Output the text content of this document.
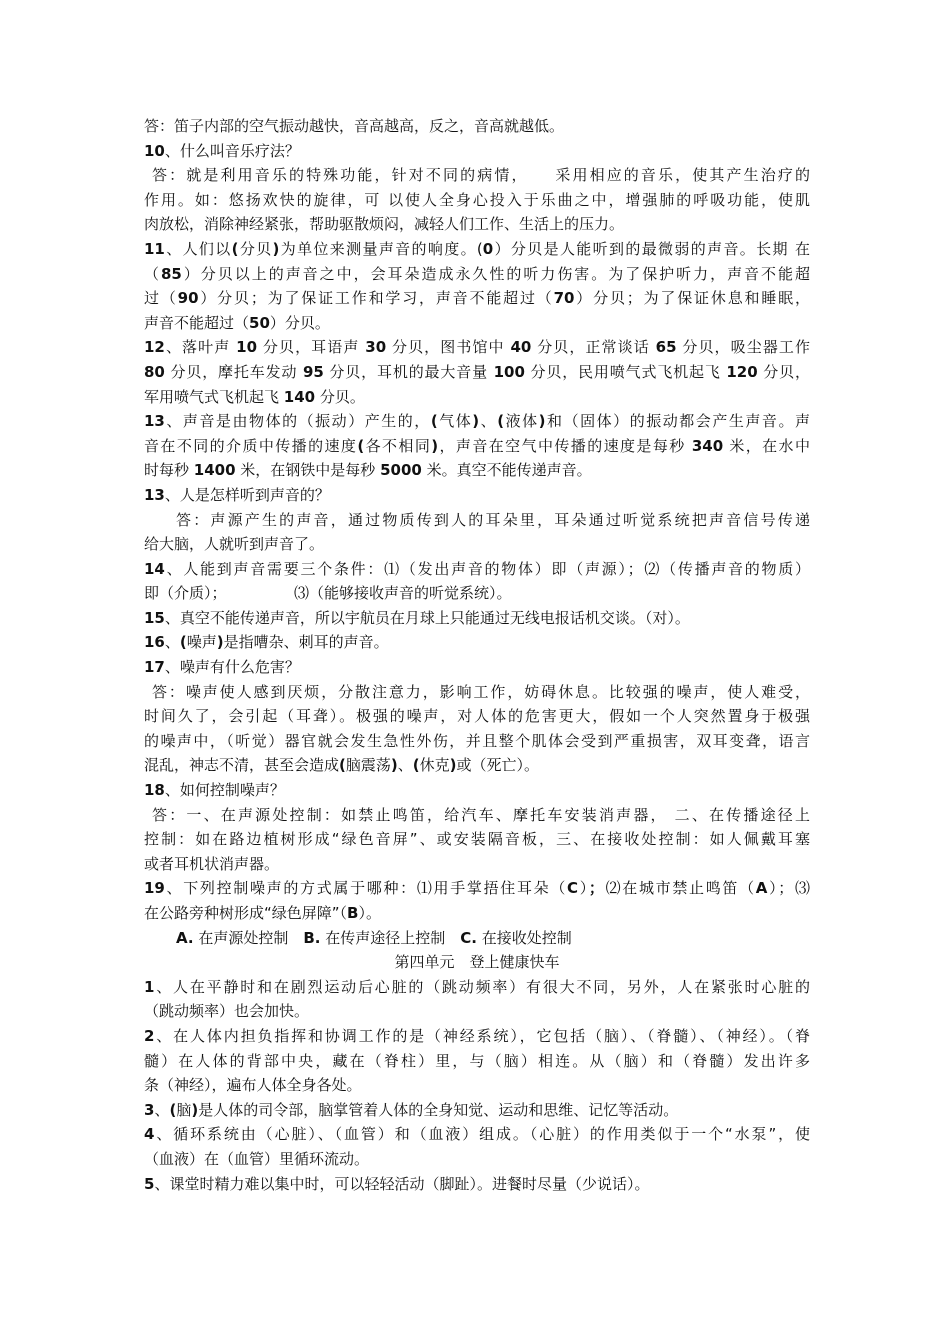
答：笛子内部的空气振动越快，音高越高，反之，音高就越低。
10、什么叫音乐疗法？
答：就是利用音乐的特殊功能，针对不同的病情，　　采用相应的音乐，使其产生治疗的
作用。如：悠扬欢快的旋律，可 以使人全身心投入于乐曲之中，增强肺的呼吸功能，使肌
肉放松，消除神经紧张，帮助驱散烦闷，减轻人们工作、生活上的压力。
11、人们以(分贝)为单位来测量声音的响度。(0）分贝是人能听到的最微弱的声音。长期 在
（85）分贝以上的声音之中，会耳朵造成永久性的听力伤害。为了保护听力，声音不能超
过（90）分贝；为了保证工作和学习，声音不能超过（70）分贝；为了保证休息和睡眠，
声音不能超过（50）分贝。
12、落叶声 10 分贝，耳语声 30 分贝，图书馆中 40 分贝，正常谈话 65 分贝，吸尘器工作
80 分贝，摩托车发动 95 分贝，耳机的最大音量 100 分贝，民用喷气式飞机起飞 120 分贝，
军用喷气式飞机起飞 140 分贝。
13、声音是由物体的（振动）产生的，(气体)、(液体)和（固体）的振动都会产生声音。声
音在不同的介质中传播的速度(各不相同)，声音在空气中传播的速度是每秒 340 米，在水中
时每秒 1400 米，在钢铁中是每秒 5000 米。真空不能传递声音。
13、人是怎样听到声音的？
答：声源产生的声音，通过物质传到人的耳朵里，耳朵通过听觉系统把声音信号传递
给大脑，人就听到声音了。
14、人能到声音需要三个条件：⑴（发出声音的物体）即（声源）；⑵（传播声音的物质）
即（介质）；　　　　　⑶（能够接收声音的听觉系统）。
15、真空不能传递声音，所以宇航员在月球上只能通过无线电报话机交谈。（对）。
16、(噪声)是指嘈杂、刺耳的声音。
17、噪声有什么危害？
答：噪声使人感到厌烦，分散注意力，影响工作，妨碍休息。比较强的噪声，使人难受，
时间久了，会引起（耳聋）。极强的噪声，对人体的危害更大，假如一个人突然置身于极强
的噪声中，（听觉）器官就会发生急性外伤，并且整个肌体会受到严重损害，双耳变聋，语言
混乱，神志不清，甚至会造成(脑震荡)、(休克)或（死亡）。
18、如何控制噪声？
答：一、在声源处控制：如禁止鸣笛，给汽车、摩托车安装消声器， 二、在传播途径上
控制：如在路边植树形成“绿色音屏”、或安装隔音板，三、在接收处控制：如人佩戴耳塞
或者耳机状消声器。
19、下列控制噪声的方式属于哪种：⑴用手掌捂住耳朵（C）；⑵在城市禁止鸣笛（A）；⑶
在公路旁种树形成“绿色屏障”（B）。
A. 在声源处控制　B. 在传声途径上控制　C. 在接收处控制
第四单元　登上健康快车
1、人在平静时和在剧烈运动后心脏的（跳动频率）有很大不同，另外，人在紧张时心脏的
（跳动频率）也会加快。
2、在人体内担负指挥和协调工作的是（神经系统），它包括（脑）、（脊髓）、（神经）。（脊
髓）在人体的背部中央，藏在（脊柱）里，与（脑）相连。从（脑）和（脊髓）发出许多
条（神经），遍布人体全身各处。
3、(脑)是人体的司令部，脑掌管着人体的全身知觉、运动和思维、记忆等活动。
4、循环系统由（心脏）、（血管）和（血液）组成。（心脏）的作用类似于一个“水泵”，使
（血液）在（血管）里循环流动。
5、课堂时精力难以集中时，可以轻轻活动（脚趾）。进餐时尽量（少说话）。
